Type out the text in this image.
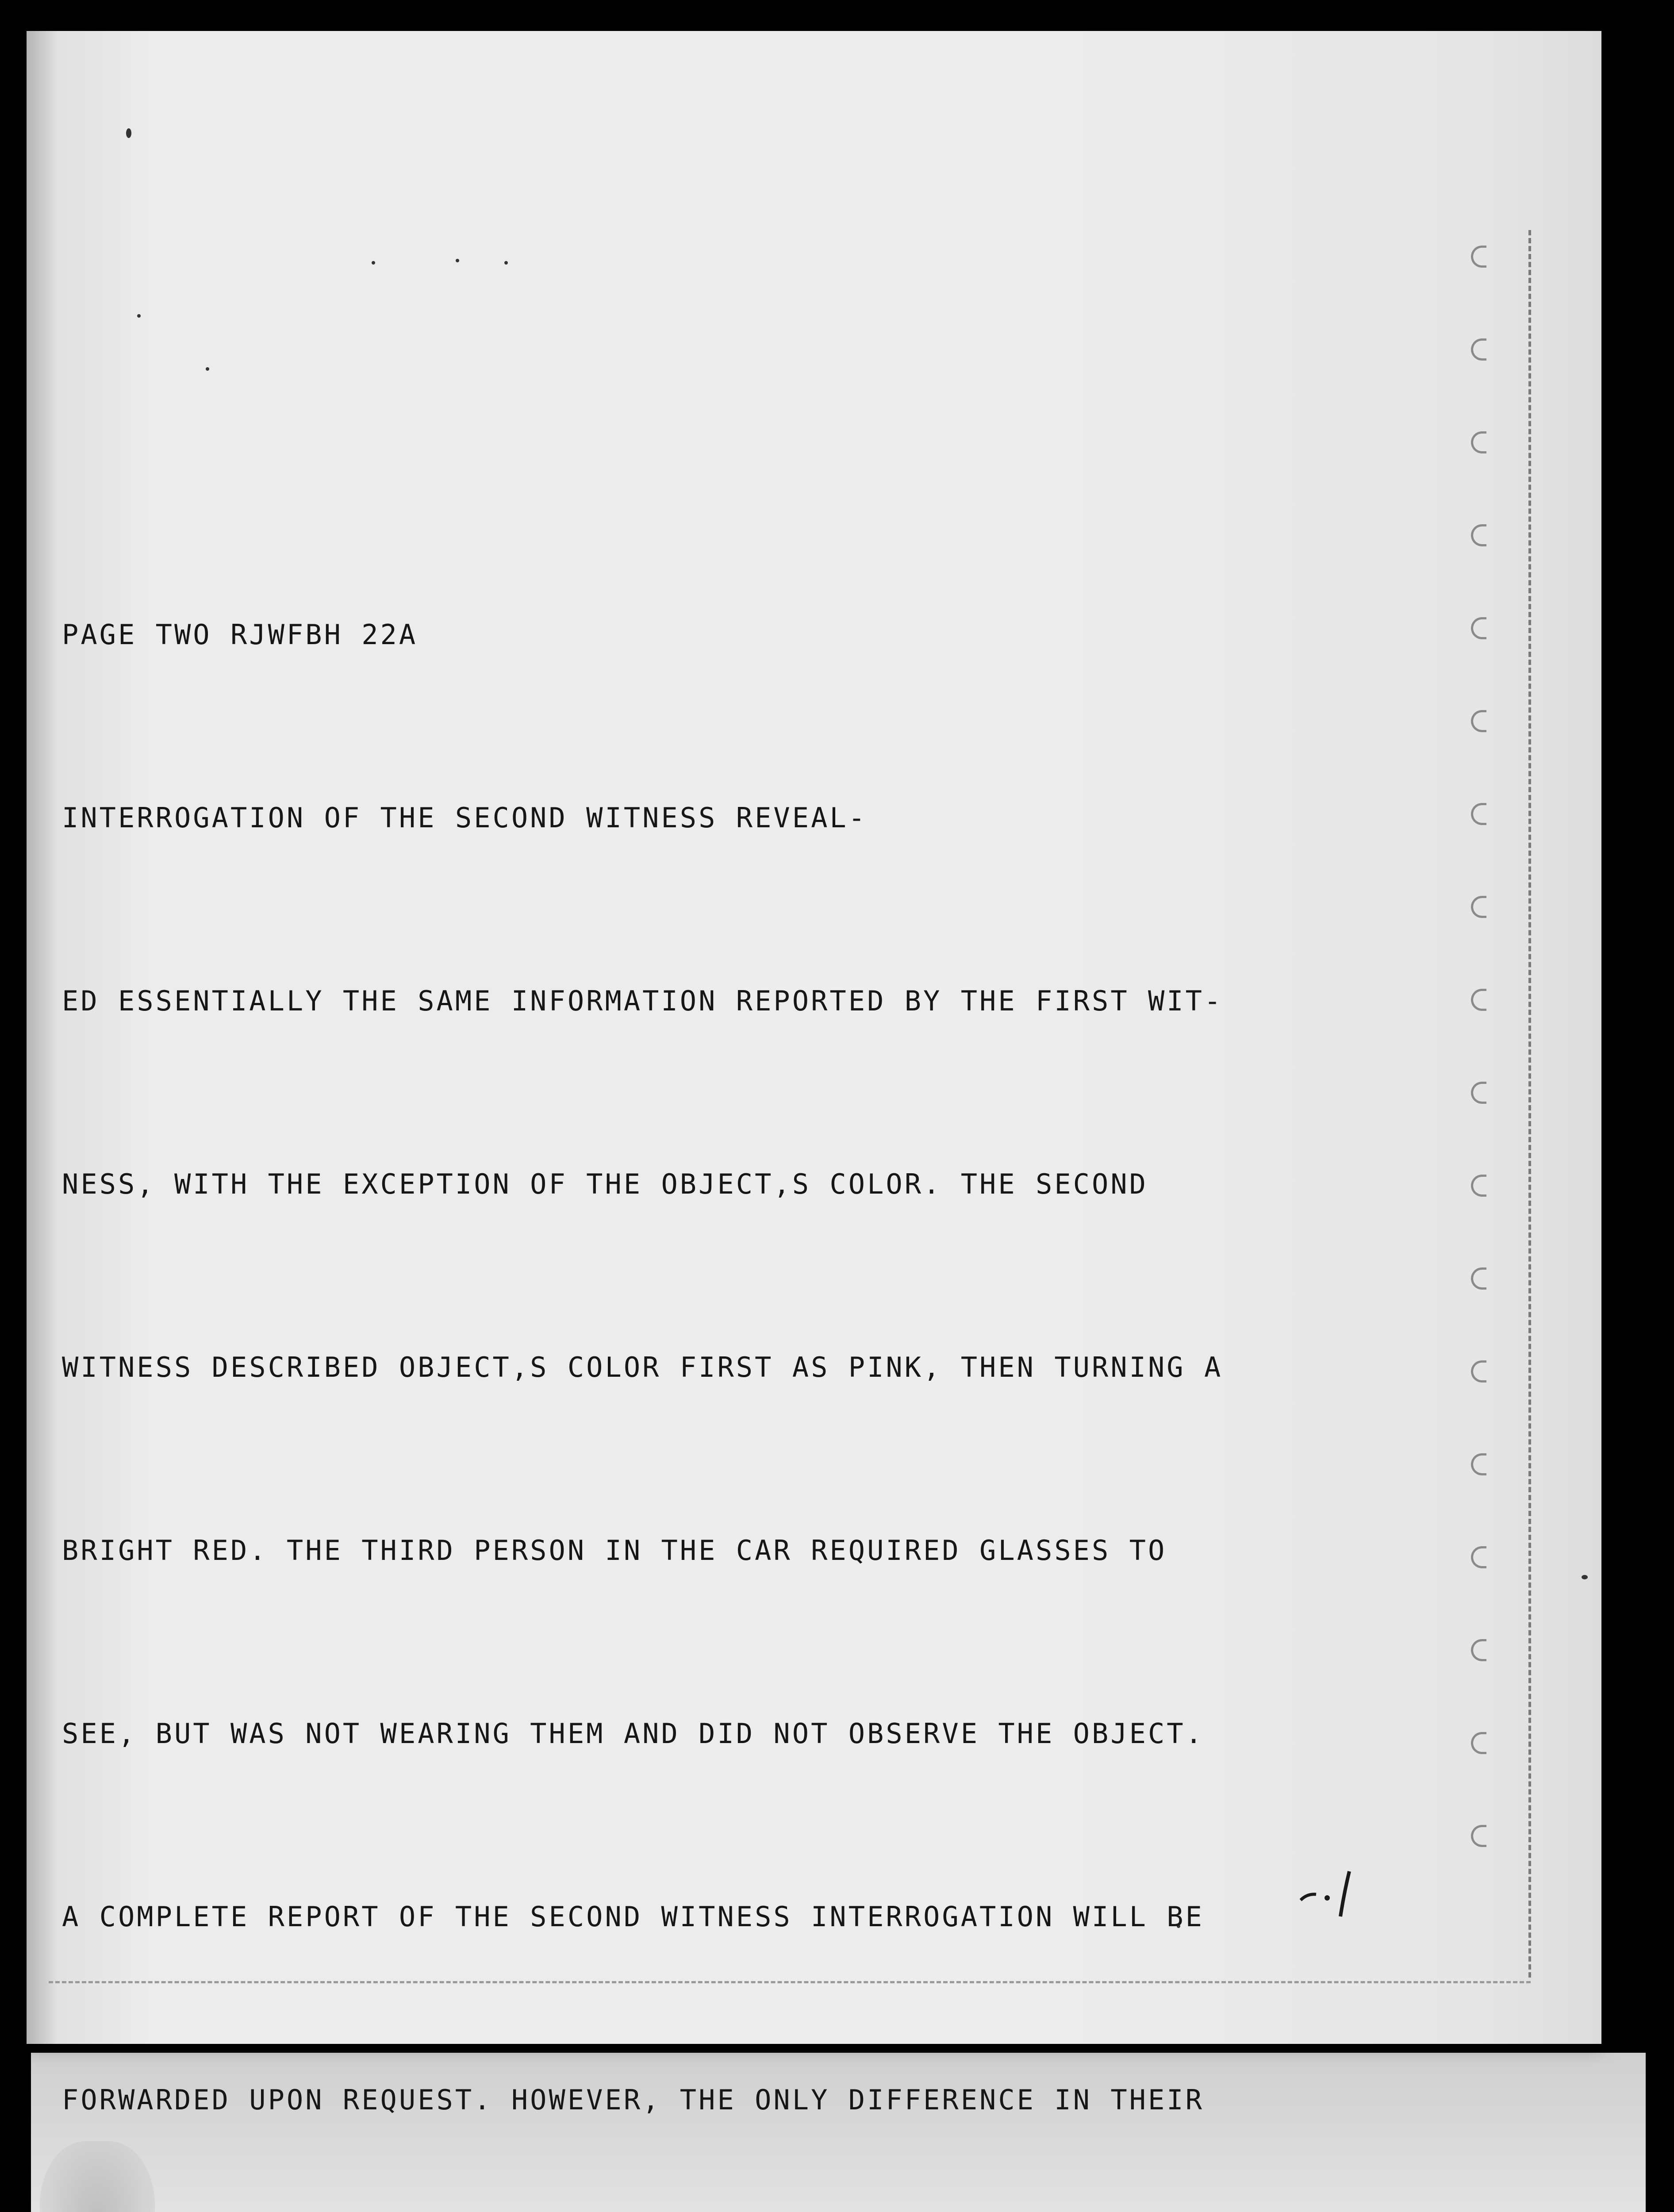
PAGE TWO RJWFBH 22A

INTERROGATION OF THE SECOND WITNESS REVEAL-

ED ESSENTIALLY THE SAME INFORMATION REPORTED BY THE FIRST WIT-

NESS, WITH THE EXCEPTION OF THE OBJECT,S COLOR. THE SECOND

WITNESS DESCRIBED OBJECT,S COLOR FIRST AS PINK, THEN TURNING A

BRIGHT RED. THE THIRD PERSON IN THE CAR REQUIRED GLASSES TO

SEE, BUT WAS NOT WEARING THEM AND DID NOT OBSERVE THE OBJECT.

A COMPLETE REPORT OF THE SECOND WITNESS INTERROGATION WILL BE

FORWARDED UPON REQUEST. HOWEVER, THE ONLY DIFFERENCE IN THEIR
